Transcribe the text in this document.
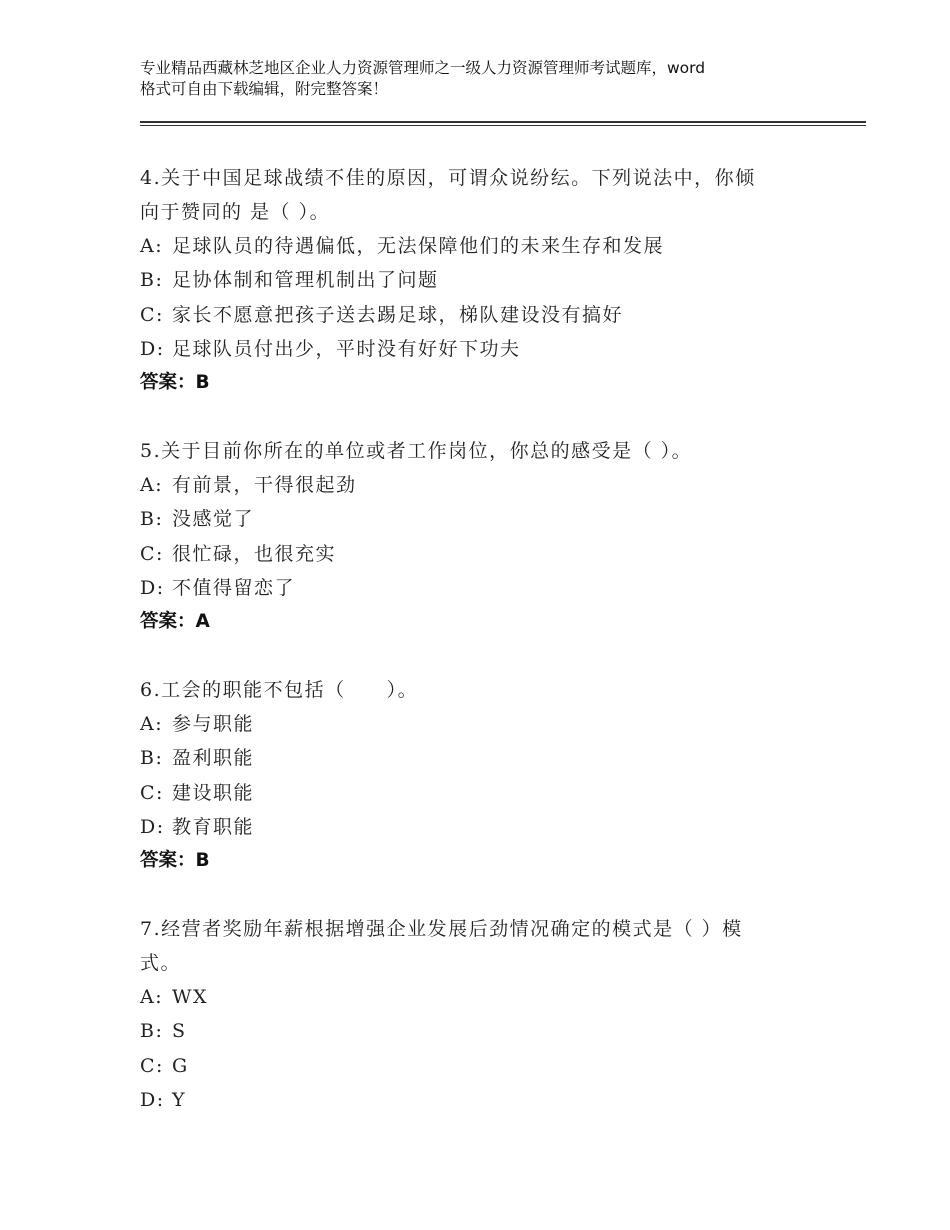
专业精品西藏林芝地区企业人力资源管理师之一级人力资源管理师考试题库，word
格式可自由下载编辑，附完整答案！
4.关于中国足球战绩不佳的原因，可谓众说纷纭。下列说法中，你倾
向于赞同的 是（ ）。
A: 足球队员的待遇偏低，无法保障他们的未来生存和发展
B: 足协体制和管理机制出了问题
C: 家长不愿意把孩子送去踢足球，梯队建设没有搞好
D: 足球队员付出少，平时没有好好下功夫
答案：B
5.关于目前你所在的单位或者工作岗位，你总的感受是（ ）。
A: 有前景，干得很起劲
B: 没感觉了
C: 很忙碌，也很充实
D: 不值得留恋了
答案：A
6.工会的职能不包括（　　）。
A: 参与职能
B: 盈利职能
C: 建设职能
D: 教育职能
答案：B
7.经营者奖励年薪根据增强企业发展后劲情况确定的模式是（ ）模
式。
A: WX
B: S
C: G
D: Y
